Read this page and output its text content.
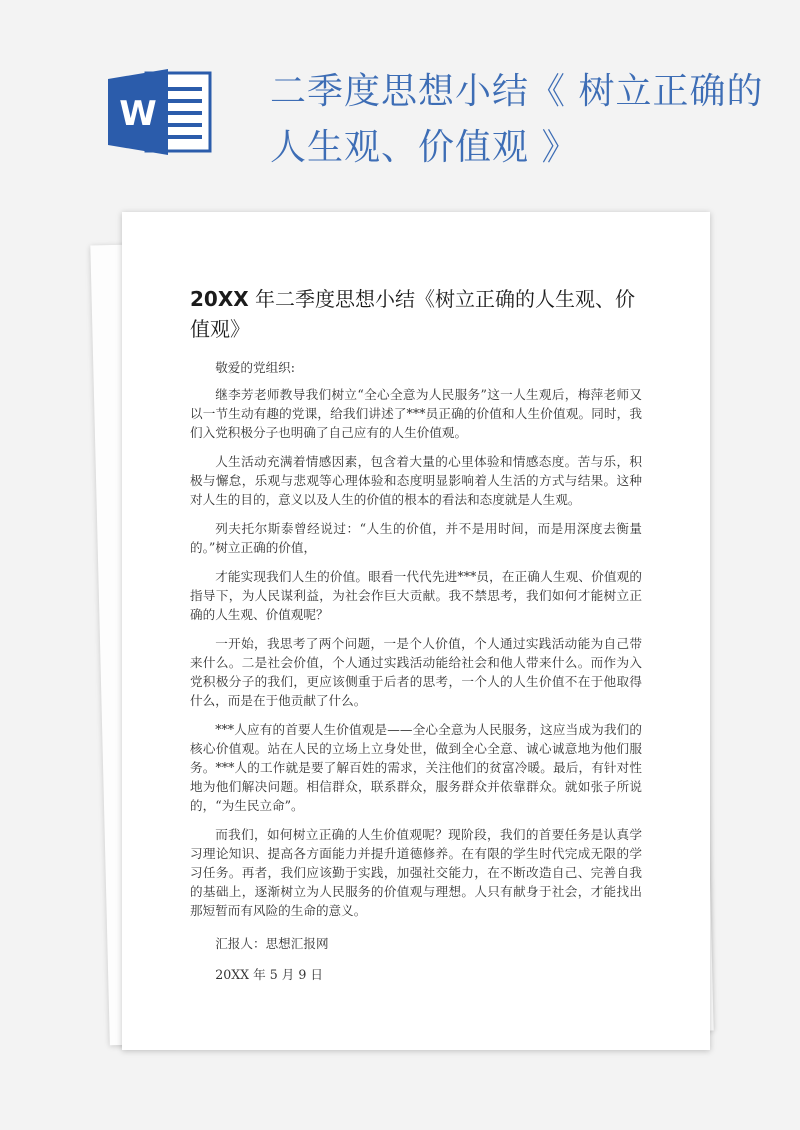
W
二季度思想小结《 树立正确的
人生观、价值观 》
20XX 年二季度思想小结《树立正确的人生观、价
值观》

敬爱的党组织:

继李芳老师教导我们树立“全心全意为人民服务”这一人生观后，梅萍老师又以一节生动有趣的党课，给我们讲述了***员正确的价值和人生价值观。同时，我们入党积极分子也明确了自己应有的人生价值观。

人生活动充满着情感因素，包含着大量的心里体验和情感态度。苦与乐，积极与懈怠，乐观与悲观等心理体验和态度明显影响着人生活的方式与结果。这种对人生的目的，意义以及人生的价值的根本的看法和态度就是人生观。

列夫托尔斯泰曾经说过：“人生的价值，并不是用时间，而是用深度去衡量的。”树立正确的价值，

才能实现我们人生的价值。眼看一代代先进***员，在正确人生观、价值观的指导下，为人民谋利益，为社会作巨大贡献。我不禁思考，我们如何才能树立正确的人生观、价值观呢？

一开始，我思考了两个问题，一是个人价值，个人通过实践活动能为自己带来什么。二是社会价值，个人通过实践活动能给社会和他人带来什么。而作为入党积极分子的我们，更应该侧重于后者的思考，一个人的人生价值不在于他取得什么，而是在于他贡献了什么。

***人应有的首要人生价值观是——全心全意为人民服务，这应当成为我们的核心价值观。站在人民的立场上立身处世，做到全心全意、诚心诚意地为他们服务。***人的工作就是要了解百姓的需求，关注他们的贫富冷暖。最后，有针对性地为他们解决问题。相信群众，联系群众，服务群众并依靠群众。就如张子所说的，“为生民立命”。

而我们，如何树立正确的人生价值观呢？现阶段，我们的首要任务是认真学习理论知识、提高各方面能力并提升道德修养。在有限的学生时代完成无限的学习任务。再者，我们应该勤于实践，加强社交能力，在不断改造自己、完善自我的基础上，逐渐树立为人民服务的价值观与理想。人只有献身于社会，才能找出那短暂而有风险的生命的意义。

汇报人：思想汇报网

20XX 年 5 月 9 日
